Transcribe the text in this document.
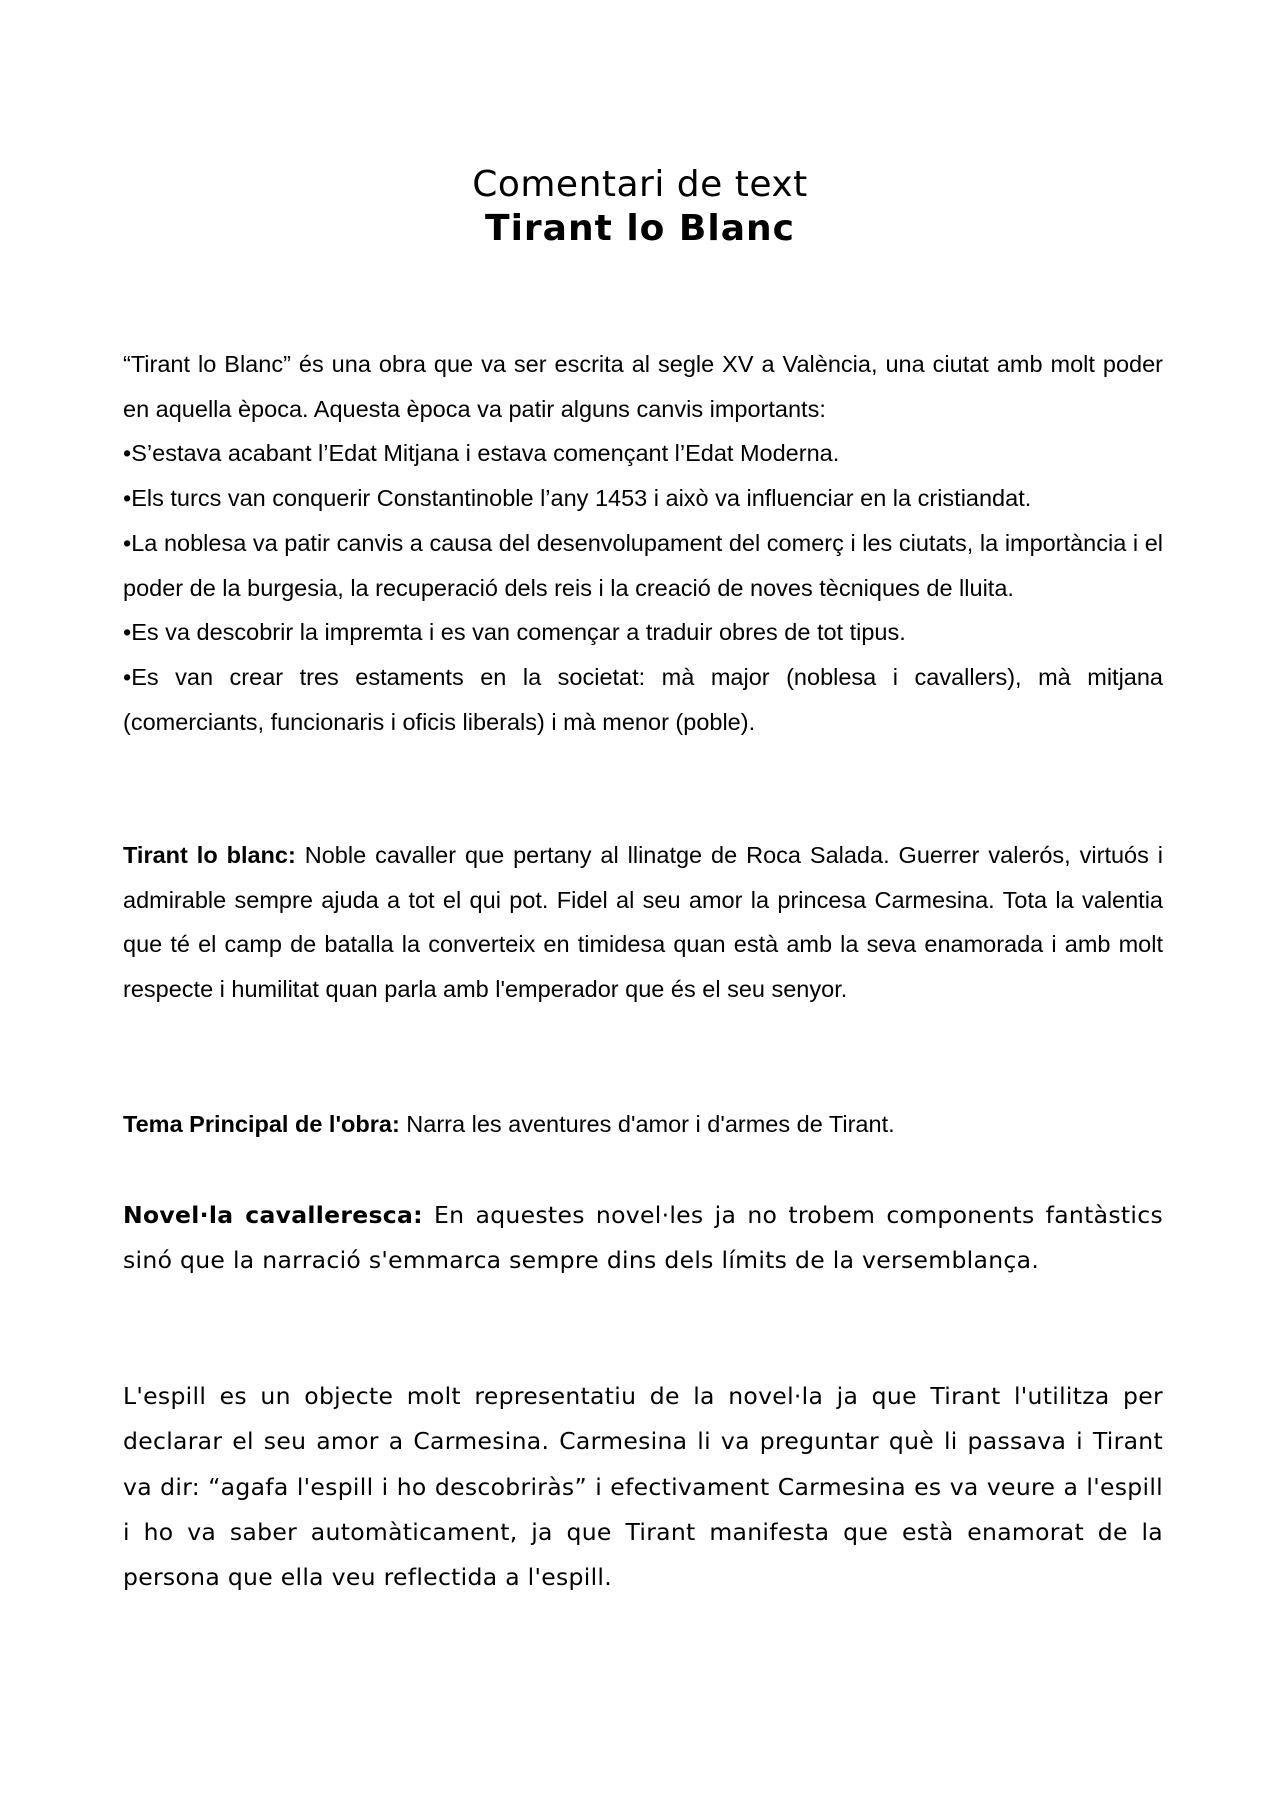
Comentari de text
Tirant lo Blanc

“Tirant lo Blanc” és una obra que va ser escrita al segle XV a València, una ciutat amb molt poder en aquella època. Aquesta època va patir alguns canvis importants:

•S’estava acabant l’Edat Mitjana i estava començant l’Edat Moderna.

•Els turcs van conquerir Constantinoble l’any 1453 i això va influenciar en la cristiandat.

•La noblesa va patir canvis a causa del desenvolupament del comerç i les ciutats, la importància i el poder de la burgesia, la recuperació dels reis i la creació de noves tècniques de lluita.

•Es va descobrir la impremta i es van començar a traduir obres de tot tipus.

•Es van crear tres estaments en la societat: mà major (noblesa i cavallers), mà mitjana (comerciants, funcionaris i oficis liberals) i mà menor (poble).

Tirant lo blanc: Noble cavaller que pertany al llinatge de Roca Salada. Guerrer valerós, virtuós i admirable sempre ajuda a tot el qui pot. Fidel al seu amor la princesa Carmesina. Tota la valentia que té el camp de batalla la converteix en timidesa quan està amb la seva enamorada i amb molt respecte i humilitat quan parla amb l'emperador que és el seu senyor.

Tema Principal de l'obra: Narra les aventures d'amor i d'armes de Tirant.

Novel·la cavalleresca: En aquestes novel·les ja no trobem components fantàstics sinó que la narració s'emmarca sempre dins dels límits de la versemblança.

L'espill es un objecte molt representatiu de la novel·la ja que Tirant l'utilitza per declarar el seu amor a Carmesina. Carmesina li va preguntar què li passava i Tirant va dir: “agafa l'espill i ho descobriràs” i efectivament Carmesina es va veure a l'espill i ho va saber automàticament, ja que Tirant manifesta que està enamorat de la persona que ella veu reflectida a l'espill.
